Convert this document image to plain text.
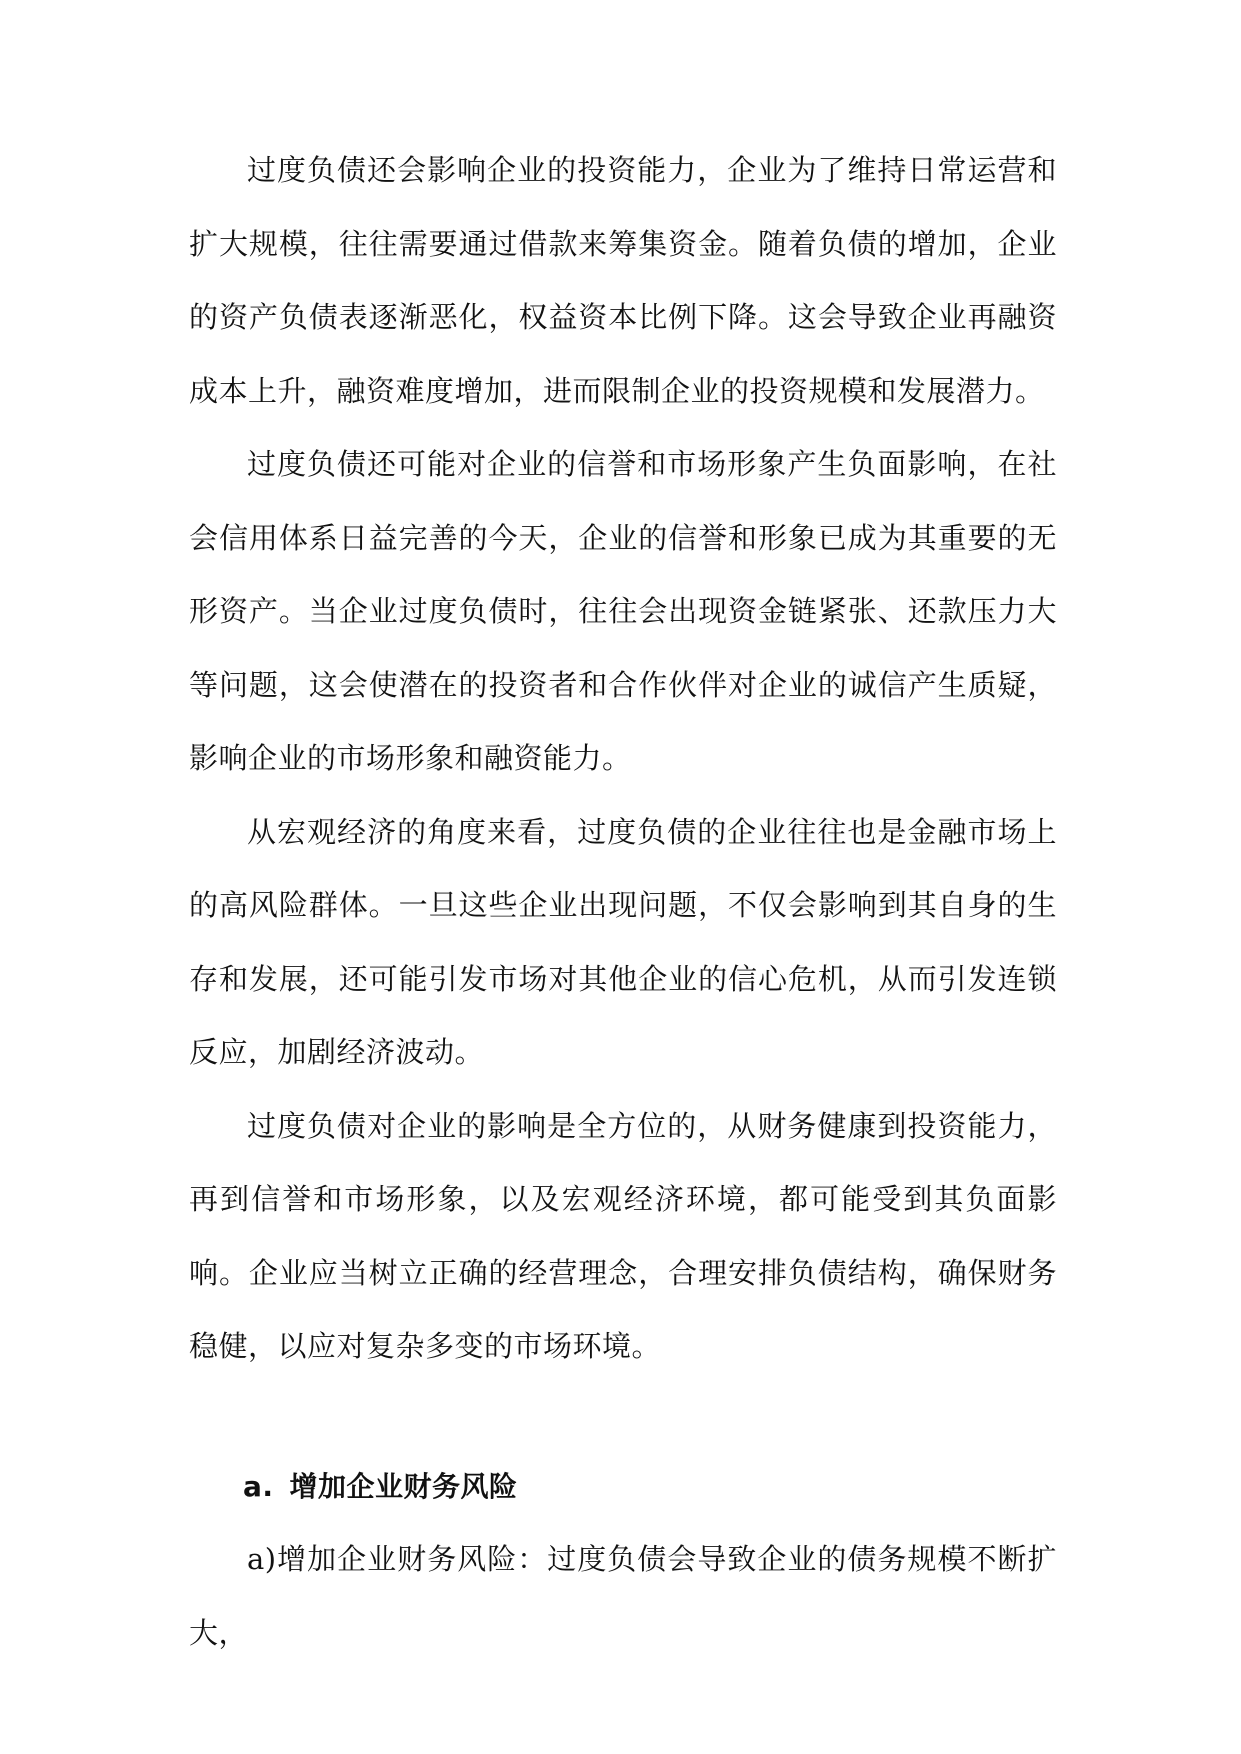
过度负债还会影响企业的投资能力，企业为了维持日常运营和扩大规模，往往需要通过借款来筹集资金。随着负债的增加，企业的资产负债表逐渐恶化，权益资本比例下降。这会导致企业再融资成本上升，融资难度增加，进而限制企业的投资规模和发展潜力。

过度负债还可能对企业的信誉和市场形象产生负面影响，在社会信用体系日益完善的今天，企业的信誉和形象已成为其重要的无形资产。当企业过度负债时，往往会出现资金链紧张、还款压力大等问题，这会使潜在的投资者和合作伙伴对企业的诚信产生质疑，影响企业的市场形象和融资能力。

从宏观经济的角度来看，过度负债的企业往往也是金融市场上的高风险群体。一旦这些企业出现问题，不仅会影响到其自身的生存和发展，还可能引发市场对其他企业的信心危机，从而引发连锁反应，加剧经济波动。

过度负债对企业的影响是全方位的，从财务健康到投资能力，再到信誉和市场形象，以及宏观经济环境，都可能受到其负面影响。企业应当树立正确的经营理念，合理安排负债结构，确保财务稳健，以应对复杂多变的市场环境。

a. 增加企业财务风险

a)增加企业财务风险：过度负债会导致企业的债务规模不断扩大，
